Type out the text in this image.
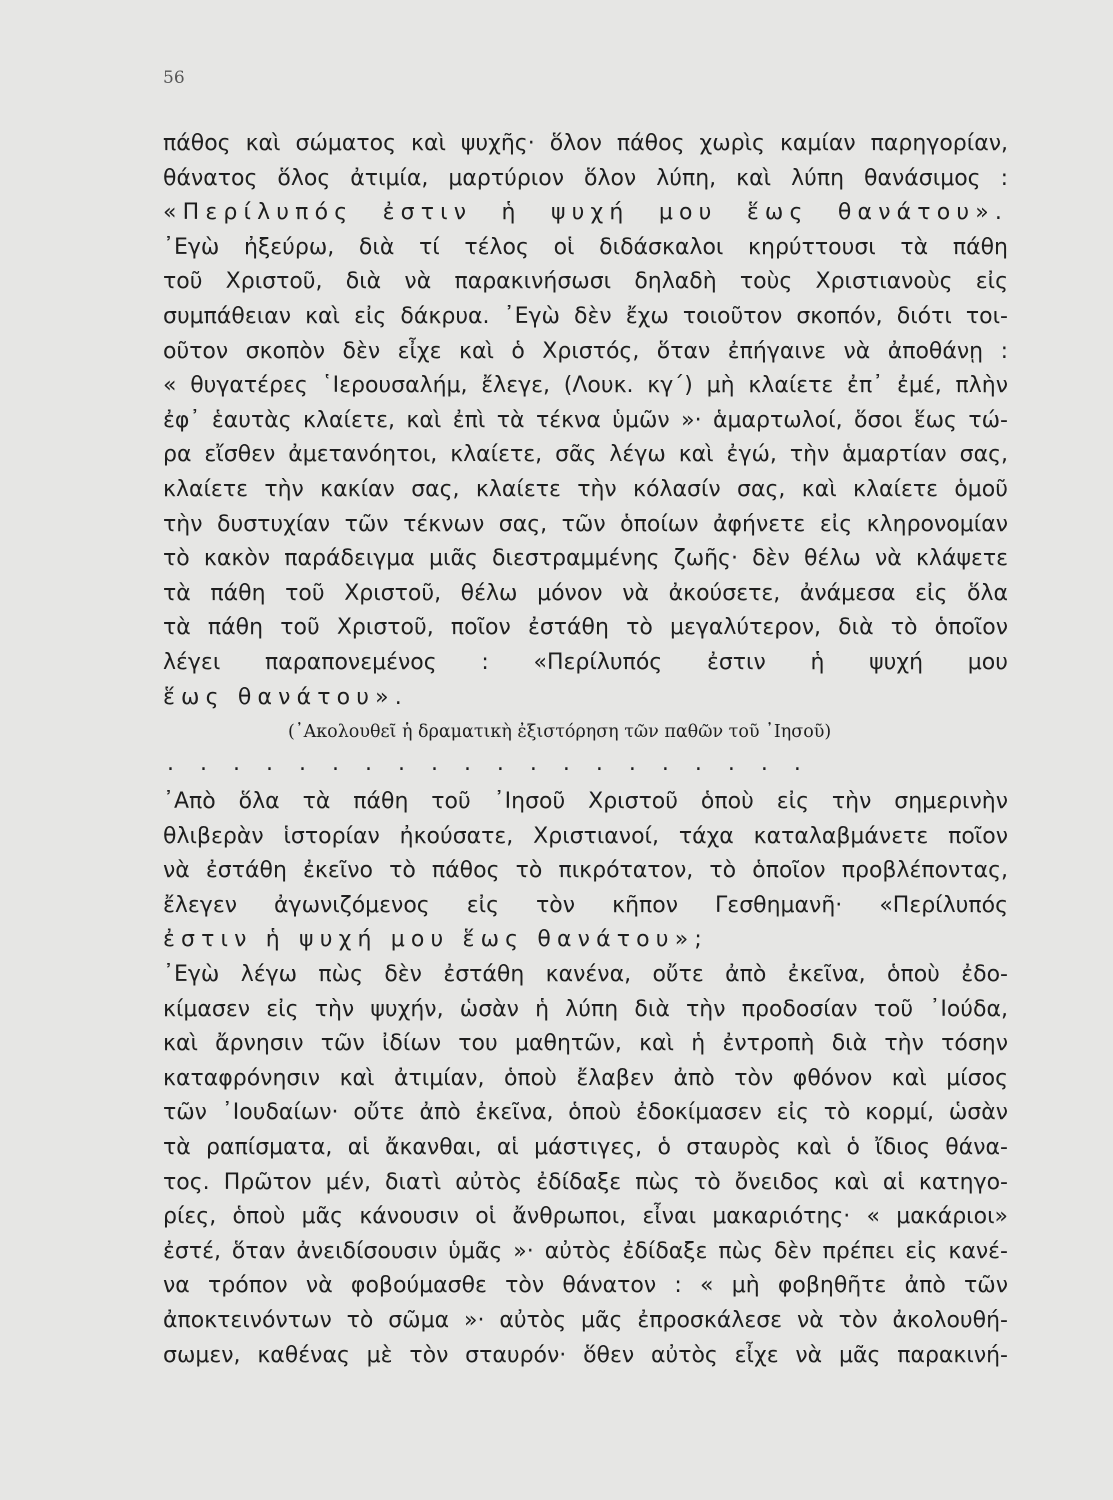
56
πάθος καὶ σώματος καὶ ψυχῆς· ὅλον πάθος χωρὶς καμίαν παρηγορίαν,
θάνατος ὅλος ἀτιμία, μαρτύριον ὅλον λύπη, καὶ λύπη θανάσιμος :
«Περίλυπός ἐστιν ἡ ψυχή μου ἕως θανάτου».
᾿Εγὼ ἠξεύρω, διὰ τί τέλος οἱ διδάσκαλοι κηρύττουσι τὰ πάθη
τοῦ Χριστοῦ, διὰ νὰ παρακινήσωσι δηλαδὴ τοὺς Χριστιανοὺς εἰς
συμπάθειαν καὶ εἰς δάκρυα. ᾿Εγὼ δὲν ἔχω τοιοῦτον σκοπόν, διότι τοι-
οῦτον σκοπὸν δὲν εἶχε καὶ ὁ Χριστός, ὅταν ἐπήγαινε νὰ ἀποθάνῃ :
« θυγατέρες ῾Ιερουσαλήμ, ἔλεγε, (Λουκ. κγ΄) μὴ κλαίετε ἐπ᾿ ἐμέ, πλὴν
ἐφ᾿ ἑαυτὰς κλαίετε, καὶ ἐπὶ τὰ τέκνα ὑμῶν »· ἁμαρτωλοί, ὅσοι ἕως τώ-
ρα εἴσθεν ἀμετανόητοι, κλαίετε, σᾶς λέγω καὶ ἐγώ, τὴν ἁμαρτίαν σας,
κλαίετε τὴν κακίαν σας, κλαίετε τὴν κόλασίν σας, καὶ κλαίετε ὁμοῦ
τὴν δυστυχίαν τῶν τέκνων σας, τῶν ὁποίων ἀφήνετε εἰς κληρονομίαν
τὸ κακὸν παράδειγμα μιᾶς διεστραμμένης ζωῆς· δὲν θέλω νὰ κλάψετε
τὰ πάθη τοῦ Χριστοῦ, θέλω μόνον νὰ ἀκούσετε, ἀνάμεσα εἰς ὅλα
τὰ πάθη τοῦ Χριστοῦ, ποῖον ἐστάθη τὸ μεγαλύτερον, διὰ τὸ ὁποῖον
λέγει παραπονεμένος : «Περίλυπός ἐστιν ἡ ψυχή μου
ἕως θανάτου».
(᾿Ακολουθεῖ ἡ δραματικὴ ἐξιστόρηση τῶν παθῶν τοῦ ᾿Ιησοῦ)
....................
᾿Απὸ ὅλα τὰ πάθη τοῦ ᾿Ιησοῦ Χριστοῦ ὁποὺ εἰς τὴν σημερινὴν
θλιβερὰν ἱστορίαν ἠκούσατε, Χριστιανοί, τάχα καταλαβμάνετε ποῖον
νὰ ἐστάθη ἐκεῖνο τὸ πάθος τὸ πικρότατον, τὸ ὁποῖον προβλέποντας,
ἔλεγεν ἀγωνιζόμενος εἰς τὸν κῆπον Γεσθημανῆ· «Περίλυπός
ἐστιν ἡ ψυχή μου ἕως θανάτου»;
᾿Εγὼ λέγω πὼς δὲν ἐστάθη κανένα, οὔτε ἀπὸ ἐκεῖνα, ὁποὺ ἐδο-
κίμασεν εἰς τὴν ψυχήν, ὡσὰν ἡ λύπη διὰ τὴν προδοσίαν τοῦ ᾿Ιούδα,
καὶ ἄρνησιν τῶν ἰδίων του μαθητῶν, καὶ ἡ ἐντροπὴ διὰ τὴν τόσην
καταφρόνησιν καὶ ἀτιμίαν, ὁποὺ ἔλαβεν ἀπὸ τὸν φθόνον καὶ μίσος
τῶν ᾿Ιουδαίων· οὔτε ἀπὸ ἐκεῖνα, ὁποὺ ἐδοκίμασεν εἰς τὸ κορμί, ὡσὰν
τὰ ραπίσματα, αἱ ἄκανθαι, αἱ μάστιγες, ὁ σταυρὸς καὶ ὁ ἴδιος θάνα-
τος. Πρῶτον μέν, διατὶ αὐτὸς ἐδίδαξε πὼς τὸ ὄνειδος καὶ αἱ κατηγο-
ρίες, ὁποὺ μᾶς κάνουσιν οἱ ἄνθρωποι, εἶναι μακαριότης· « μακάριοι»
ἐστέ, ὅταν ἀνειδίσουσιν ὑμᾶς »· αὐτὸς ἐδίδαξε πὼς δὲν πρέπει εἰς κανέ-
να τρόπον νὰ φοβούμασθε τὸν θάνατον : « μὴ φοβηθῆτε ἀπὸ τῶν
ἀποκτεινόντων τὸ σῶμα »· αὐτὸς μᾶς ἐπροσκάλεσε νὰ τὸν ἀκολουθή-
σωμεν, καθένας μὲ τὸν σταυρόν· ὅθεν αὐτὸς εἶχε νὰ μᾶς παρακινή-
